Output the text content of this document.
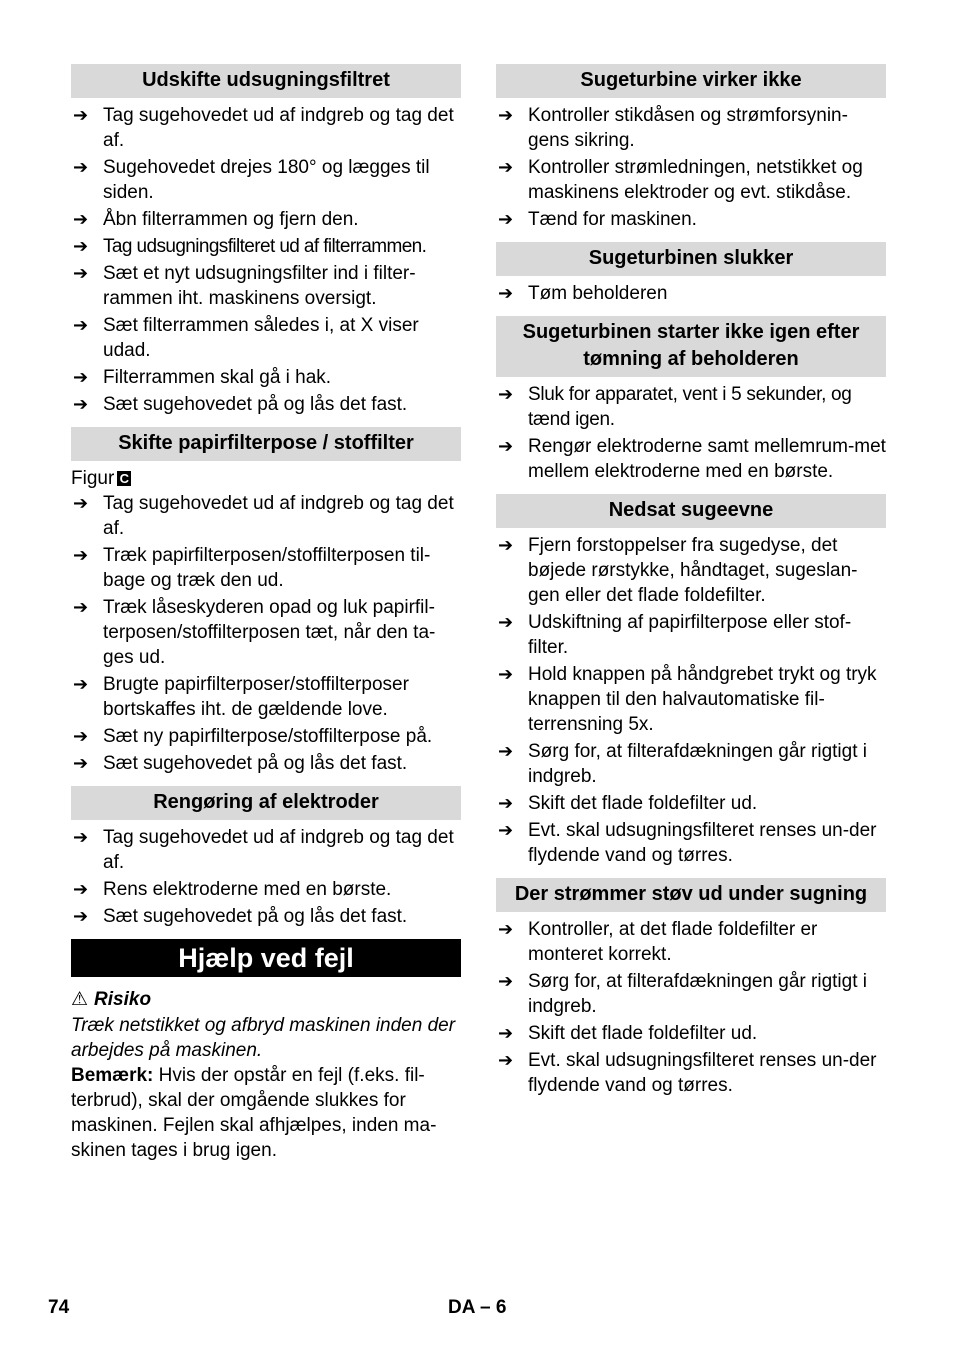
Udskifte udsugningsfiltret
➔ Tag sugehovedet ud af indgreb og tag det af.
➔ Sugehovedet drejes 180° og lægges til siden.
➔ Åbn filterrammen og fjern den.
➔ Tag udsugningsfilteret ud af filterrammen.
➔ Sæt et nyt udsugningsfilter ind i filter-rammen iht. maskinens oversigt.
➔ Sæt filterrammen således i, at X viser udad.
➔ Filterrammen skal gå i hak.
➔ Sæt sugehovedet på og lås det fast.
Skifte papirfilterpose / stoffilter
Figur C
➔ Tag sugehovedet ud af indgreb og tag det af.
➔ Træk papirfilterposen/stoffilterposen til-bage og træk den ud.
➔ Træk låseskyderen opad og luk papirfil-terposen/stoffilterposen tæt, når den ta-ges ud.
➔ Brugte papirfilterposer/stoffilterposer bortskaffes iht. de gældende love.
➔ Sæt ny papirfilterpose/stoffilterpose på.
➔ Sæt sugehovedet på og lås det fast.
Rengøring af elektroder
➔ Tag sugehovedet ud af indgreb og tag det af.
➔ Rens elektroderne med en børste.
➔ Sæt sugehovedet på og lås det fast.
Hjælp ved fejl
⚠ Risiko
Træk netstikket og afbryd maskinen inden der arbejdes på maskinen.
Bemærk: Hvis der opstår en fejl (f.eks. fil-terbrud), skal der omgående slukkes for maskinen. Fejlen skal afhjælpes, inden ma-skinen tages i brug igen.
Sugeturbine virker ikke
➔ Kontroller stikdåsen og strømforsynin-gens sikring.
➔ Kontroller strømledningen, netstikket og maskinens elektroder og evt. stikdåse.
➔ Tænd for maskinen.
Sugeturbinen slukker
➔ Tøm beholderen
Sugeturbinen starter ikke igen efter tømning af beholderen
➔ Sluk for apparatet, vent i 5 sekunder, og tænd igen.
➔ Rengør elektroderne samt mellemrum-met mellem elektroderne med en børste.
Nedsat sugeevne
➔ Fjern forstoppelser fra sugedyse, det bøjede rørstykke, håndtaget, sugeslan-gen eller det flade foldefilter.
➔ Udskiftning af papirfilterpose eller stof-filter.
➔ Hold knappen på håndgrebet trykt og tryk knappen til den halvautomatiske fil-terrensning 5x.
➔ Sørg for, at filterafdækningen går rigtigt i indgreb.
➔ Skift det flade foldefilter ud.
➔ Evt. skal udsugningsfilteret renses un-der flydende vand og tørres.
Der strømmer støv ud under sugning
➔ Kontroller, at det flade foldefilter er monteret korrekt.
➔ Sørg for, at filterafdækningen går rigtigt i indgreb.
➔ Skift det flade foldefilter ud.
➔ Evt. skal udsugningsfilteret renses un-der flydende vand og tørres.
74	DA – 6
